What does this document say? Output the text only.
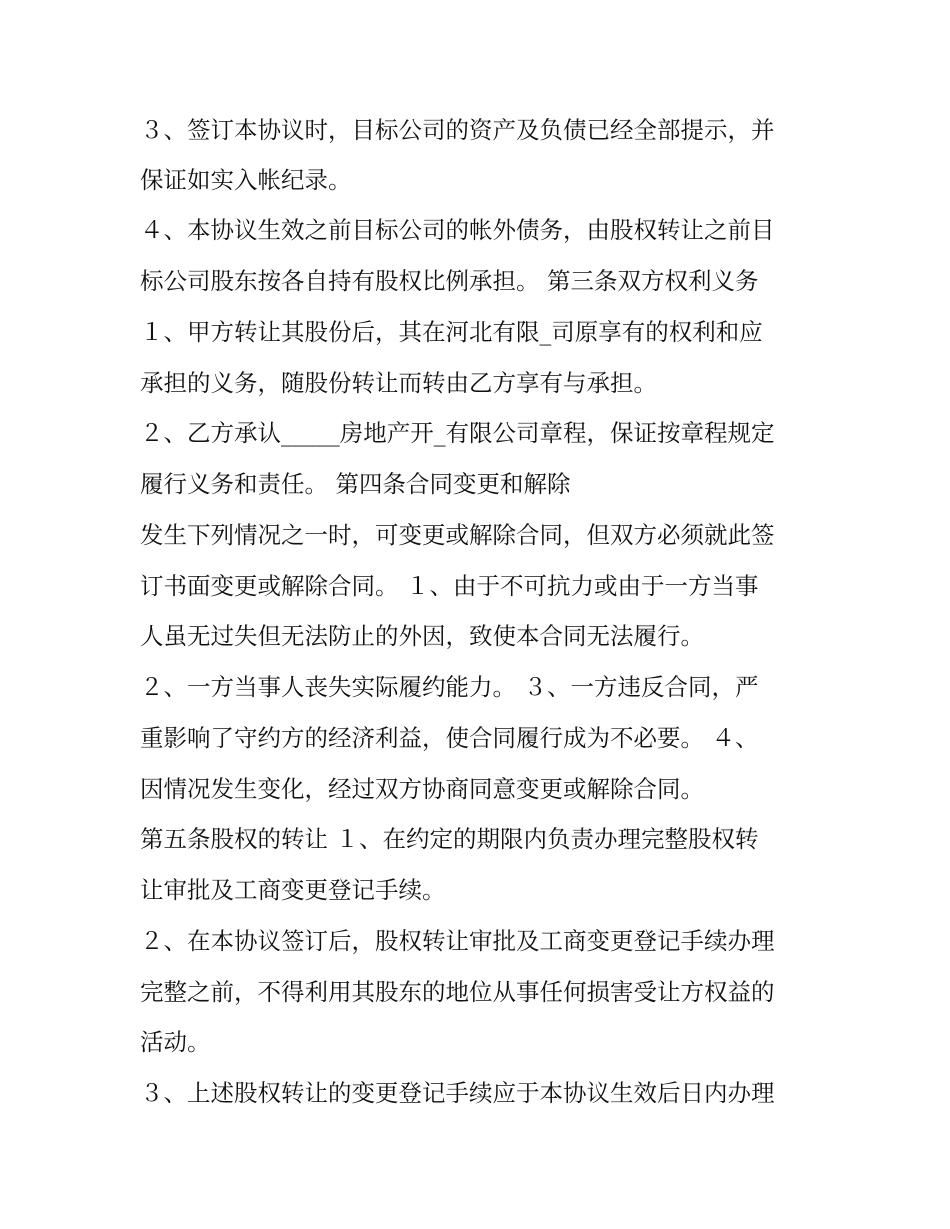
３、签订本协议时，目标公司的资产及负债已经全部提示，并
保证如实入帐纪录。
４、本协议生效之前目标公司的帐外债务，由股权转让之前目
标公司股东按各自持有股权比例承担。 第三条双方权利义务
１、甲方转让其股份后，其在河北有限_司原享有的权利和应
承担的义务，随股份转让而转由乙方享有与承担。
２、乙方承认_____房地产开_有限公司章程，保证按章程规定
履行义务和责任。 第四条合同变更和解除
发生下列情况之一时，可变更或解除合同，但双方必须就此签
订书面变更或解除合同。 １、由于不可抗力或由于一方当事
人虽无过失但无法防止的外因，致使本合同无法履行。
２、一方当事人丧失实际履约能力。 ３、一方违反合同，严
重影响了守约方的经济利益，使合同履行成为不必要。 ４、
因情况发生变化，经过双方协商同意变更或解除合同。
第五条股权的转让 １、在约定的期限内负责办理完整股权转
让审批及工商变更登记手续。
２、在本协议签订后，股权转让审批及工商变更登记手续办理
完整之前，不得利用其股东的地位从事任何损害受让方权益的
活动。
３、上述股权转让的变更登记手续应于本协议生效后日内办理
